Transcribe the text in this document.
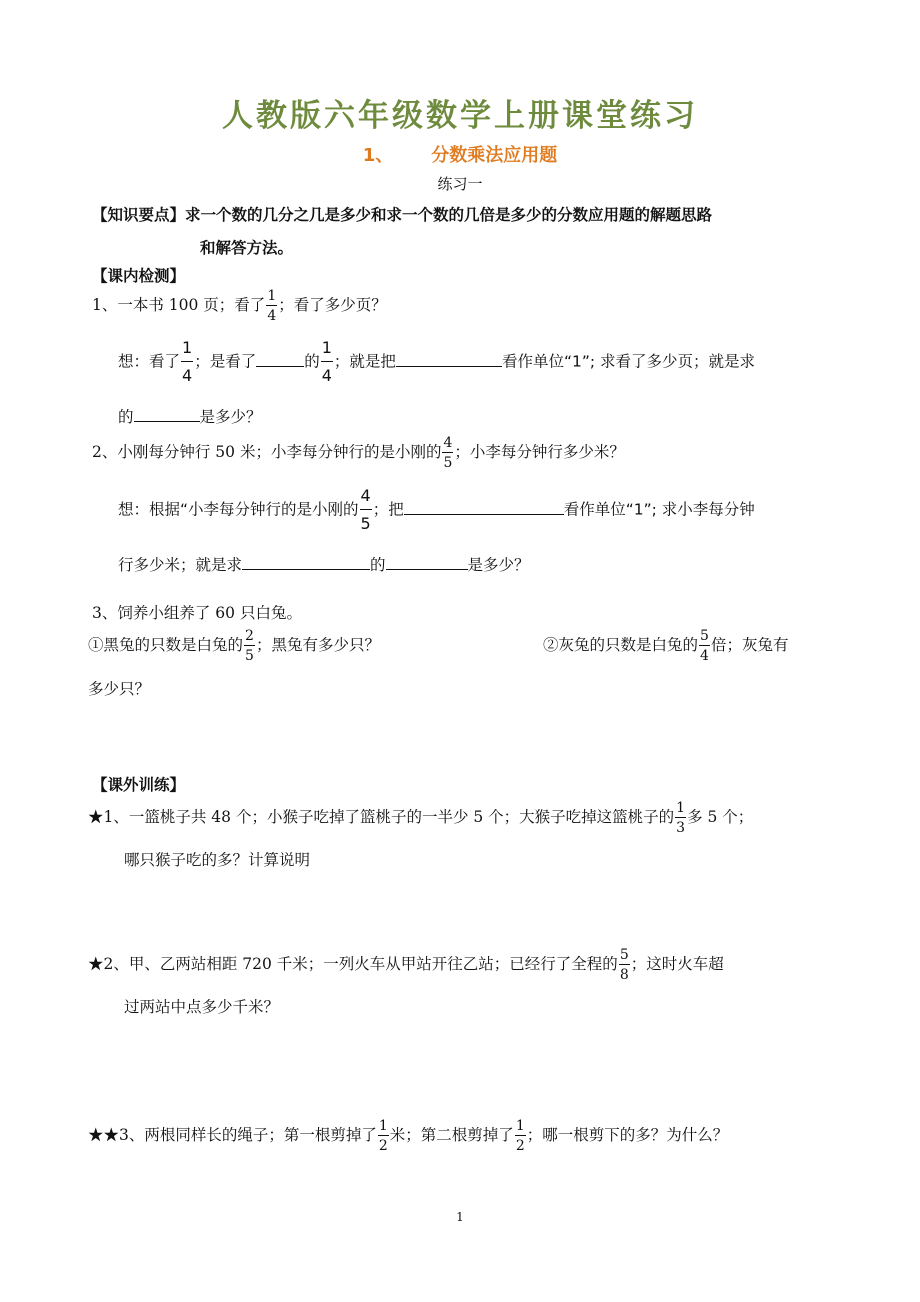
人教版六年级数学上册课堂练习
1、 分数乘法应用题
练习一
【知识要点】求一个数的几分之几是多少和求一个数的几倍是多少的分数应用题的解题思路
和解答方法。
【课内检测】
1、一本书 100 页；看了 $\frac{1}{4}$ ；看了多少页？
想：看了 $\frac{1}{4}$ ；是看了	的 $\frac{1}{4}$ ；就是把	看作单位“1”; 求看了多少页；就是求
的	是多少？
2、小刚每分钟行 50 米；小李每分钟行的是小刚的 $\frac{4}{5}$ ；小李每分钟行多少米？
想：根据“小李每分钟行的是小刚的 $\frac{4}{5}$ ；把	看作单位“1”; 求小李每分钟
行多少米；就是求	的	是多少？
3、饲养小组养了 60 只白兔。
①黑兔的只数是白兔的 $\frac{2}{5}$ ；黑兔有多少只？	②灰兔的只数是白兔的 $\frac{5}{4}$ 倍；灰兔有
多少只？
【课外训练】
★1、一篮桃子共 48 个；小猴子吃掉了篮桃子的一半少 5 个；大猴子吃掉这篮桃子的 $\frac{1}{3}$ 多 5 个；
哪只猴子吃的多？计算说明
★2、甲、乙两站相距 720 千米；一列火车从甲站开往乙站；已经行了全程的 $\frac{5}{8}$ ；这时火车超
过两站中点多少千米？
★★3、两根同样长的绳子；第一根剪掉了 $\frac{1}{2}$ 米；第二根剪掉了 $\frac{1}{2}$ ；哪一根剪下的多？为什么？
1
